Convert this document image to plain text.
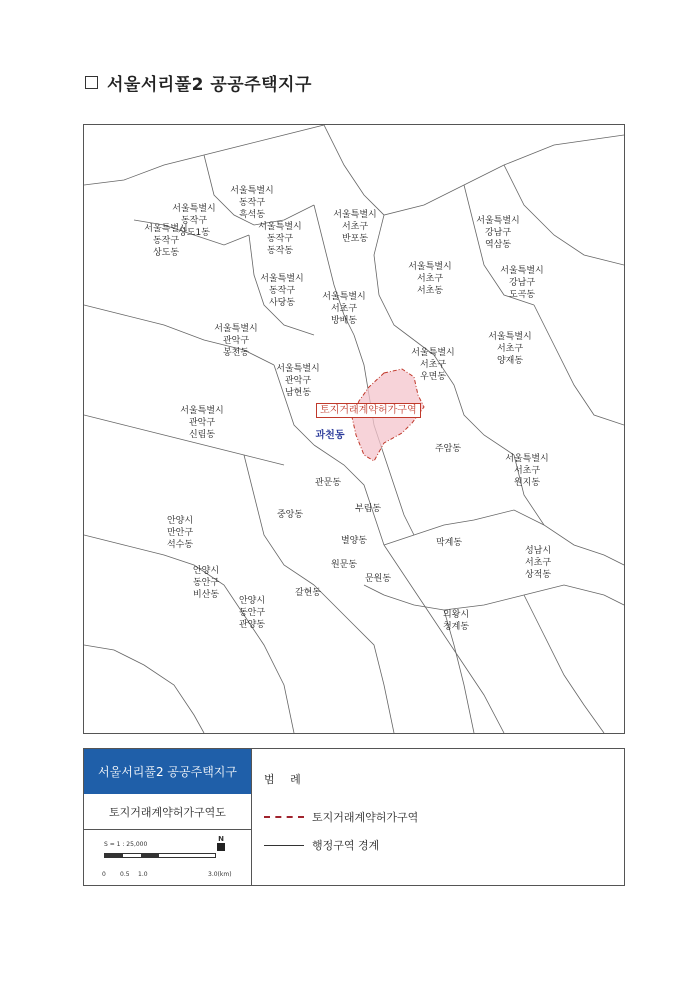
서울서리풀2 공공주택지구
서울특별시
동작구
흑석동
서울특별시
동작구
상도1동
서울특별시
동작구
상도동
서울특별시
동작구
동작동
서울특별시
서초구
반포동
서울특별시
강남구
역삼동
서울특별시
서초구
서초동
서울특별시
강남구
도곡동
서울특별시
동작구
사당동
서울특별시
서초구
방배동
서울특별시
관악구
봉천동
서울특별시
서초구
양재동
서울특별시
서초구
우면동
서울특별시
관악구
남현동
서울특별시
관악구
신림동
주암동
서울특별시
서초구
원지동
관문동
중앙동
부림동
안양시
만안구
석수동	별양동	막계동
성남시
서초구
상적동
원문동
안양시
동안구
비산동
문원동
갈현동
안양시
동안구
관양동
의왕시
청계동
과천동
토지거래계약허가구역
서울서리풀2 공공주택지구
토지거래계약허가구역도
S = 1 : 25,000
N
0 0.5 1.0	3.0(km)
범 례
토지거래계약허가구역
행정구역 경계
